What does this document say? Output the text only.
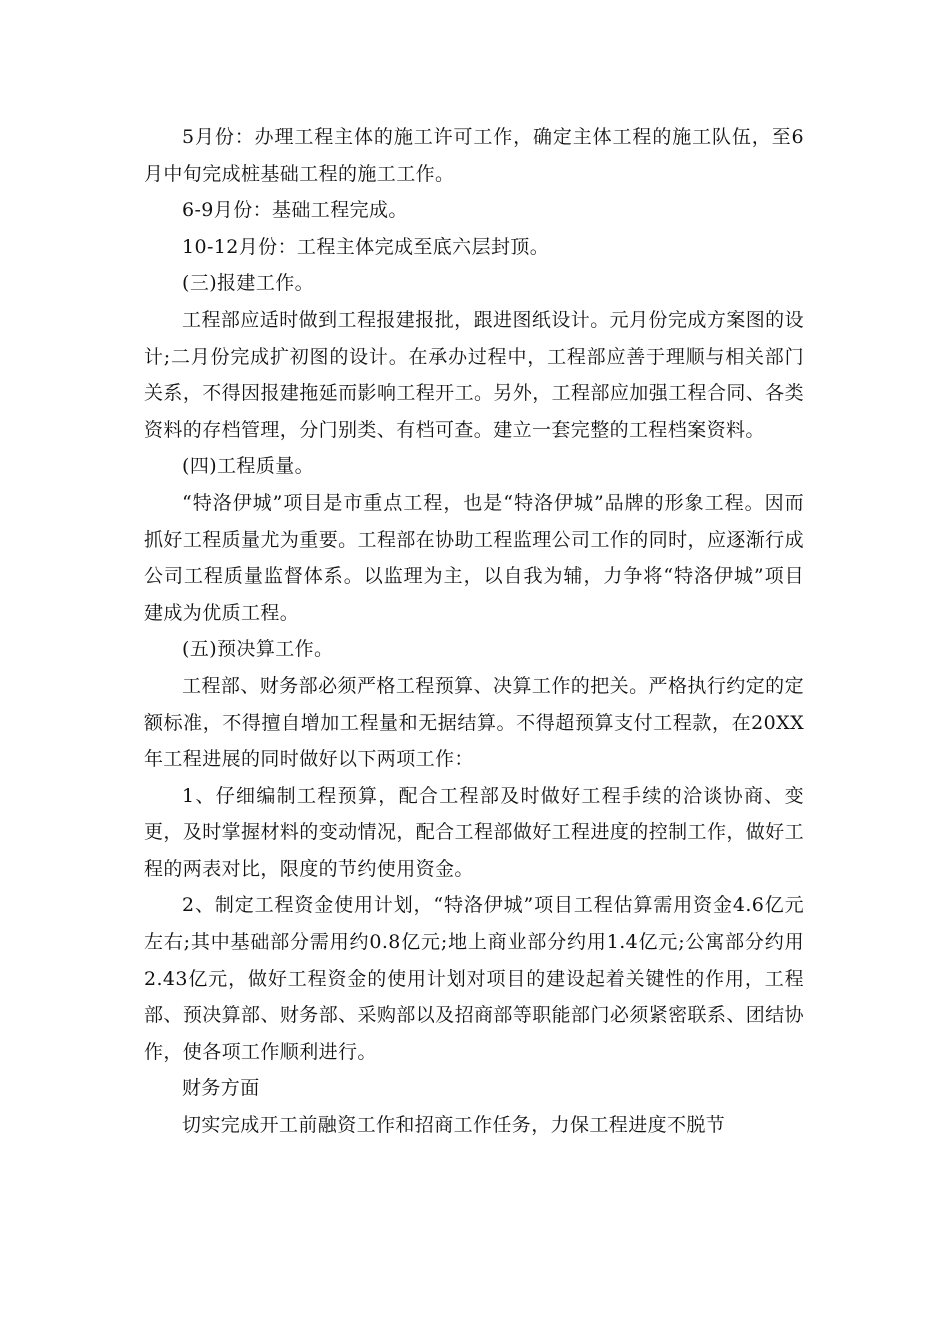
5月份：办理工程主体的施工许可工作，确定主体工程的施工队伍，至6月中旬完成桩基础工程的施工工作。

6-9月份：基础工程完成。

10-12月份：工程主体完成至底六层封顶。

(三)报建工作。

工程部应适时做到工程报建报批，跟进图纸设计。元月份完成方案图的设计;二月份完成扩初图的设计。在承办过程中，工程部应善于理顺与相关部门关系，不得因报建拖延而影响工程开工。另外，工程部应加强工程合同、各类资料的存档管理，分门别类、有档可查。建立一套完整的工程档案资料。

(四)工程质量。

“特洛伊城”项目是市重点工程，也是“特洛伊城”品牌的形象工程。因而抓好工程质量尤为重要。工程部在协助工程监理公司工作的同时，应逐渐行成公司工程质量监督体系。以监理为主，以自我为辅，力争将“特洛伊城”项目建成为优质工程。

(五)预决算工作。

工程部、财务部必须严格工程预算、决算工作的把关。严格执行约定的定额标准，不得擅自增加工程量和无据结算。不得超预算支付工程款，在20XX年工程进展的同时做好以下两项工作：

1、仔细编制工程预算，配合工程部及时做好工程手续的洽谈协商、变更，及时掌握材料的变动情况，配合工程部做好工程进度的控制工作，做好工程的两表对比，限度的节约使用资金。

2、制定工程资金使用计划，“特洛伊城”项目工程估算需用资金4.6亿元左右;其中基础部分需用约0.8亿元;地上商业部分约用1.4亿元;公寓部分约用2.43亿元，做好工程资金的使用计划对项目的建设起着关键性的作用，工程部、预决算部、财务部、采购部以及招商部等职能部门必须紧密联系、团结协作，使各项工作顺利进行。

财务方面

切实完成开工前融资工作和招商工作任务，力保工程进度不脱节
